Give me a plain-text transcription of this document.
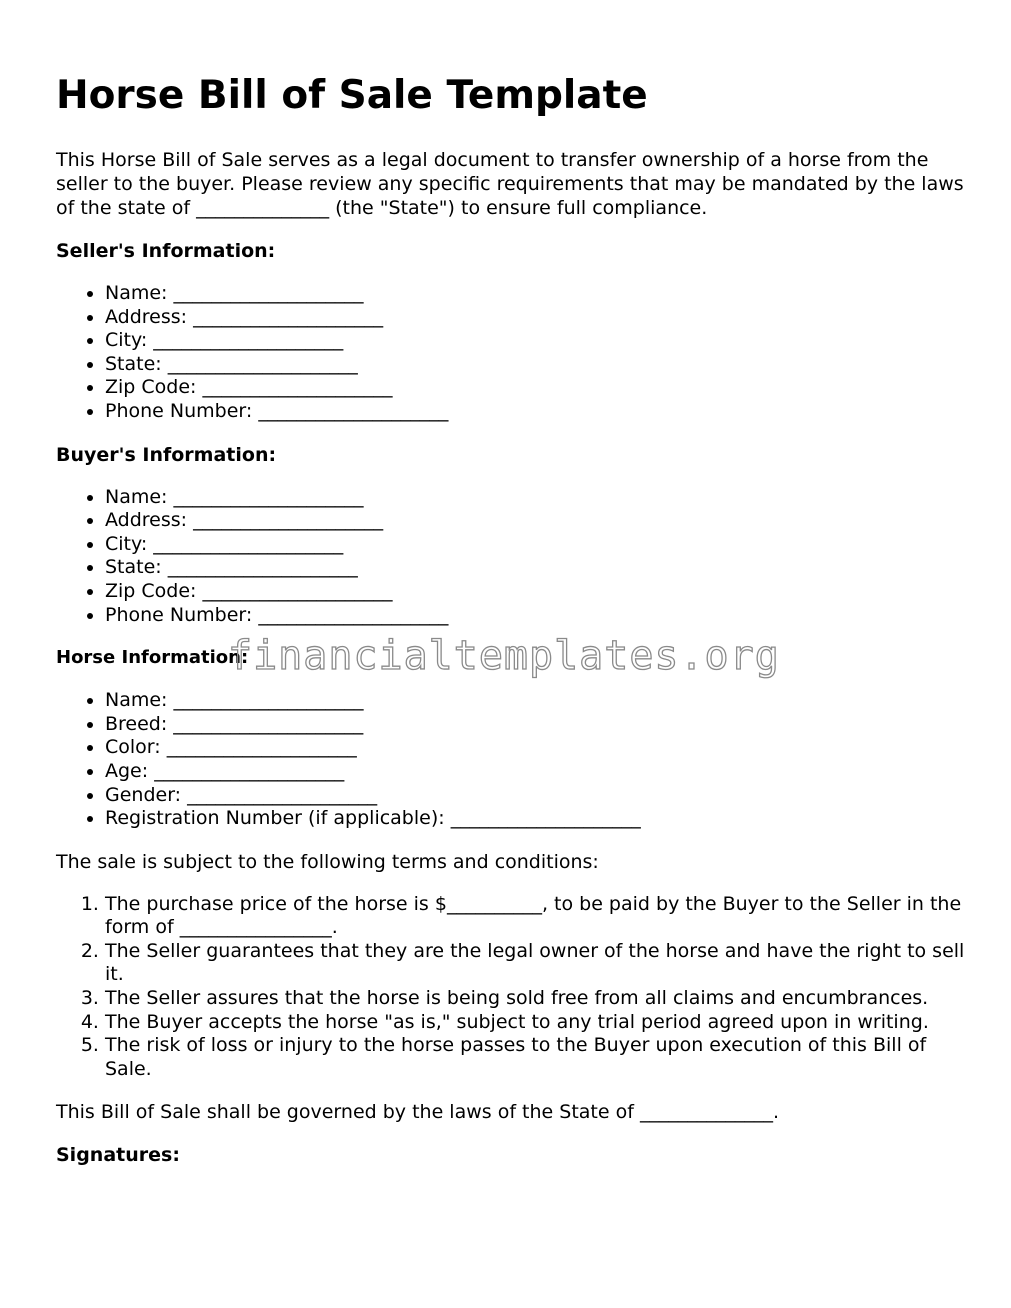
Horse Bill of Sale Template

This Horse Bill of Sale serves as a legal document to transfer ownership of a horse from the seller to the buyer. Please review any specific requirements that may be mandated by the laws of the state of ______________ (the "State") to ensure full compliance.

Seller's Information:
• Name: ____________________
• Address: ____________________
• City: ____________________
• State: ____________________
• Zip Code: ____________________
• Phone Number: ____________________
Buyer's Information:
• Name: ____________________
• Address: ____________________
• City: ____________________
• State: ____________________
• Zip Code: ____________________
• Phone Number: ____________________
Horse Information:
• Name: ____________________
• Breed: ____________________
• Color: ____________________
• Age: ____________________
• Gender: ____________________
• Registration Number (if applicable): ____________________

The sale is subject to the following terms and conditions:

1. The purchase price of the horse is $__________, to be paid by the Buyer to the Seller in the form of ________________.
2. The Seller guarantees that they are the legal owner of the horse and have the right to sell it.
3. The Seller assures that the horse is being sold free from all claims and encumbrances.
4. The Buyer accepts the horse "as is," subject to any trial period agreed upon in writing.
5. The risk of loss or injury to the horse passes to the Buyer upon execution of this Bill of Sale.

This Bill of Sale shall be governed by the laws of the State of ______________.

Signatures:
financialtemplates.org
